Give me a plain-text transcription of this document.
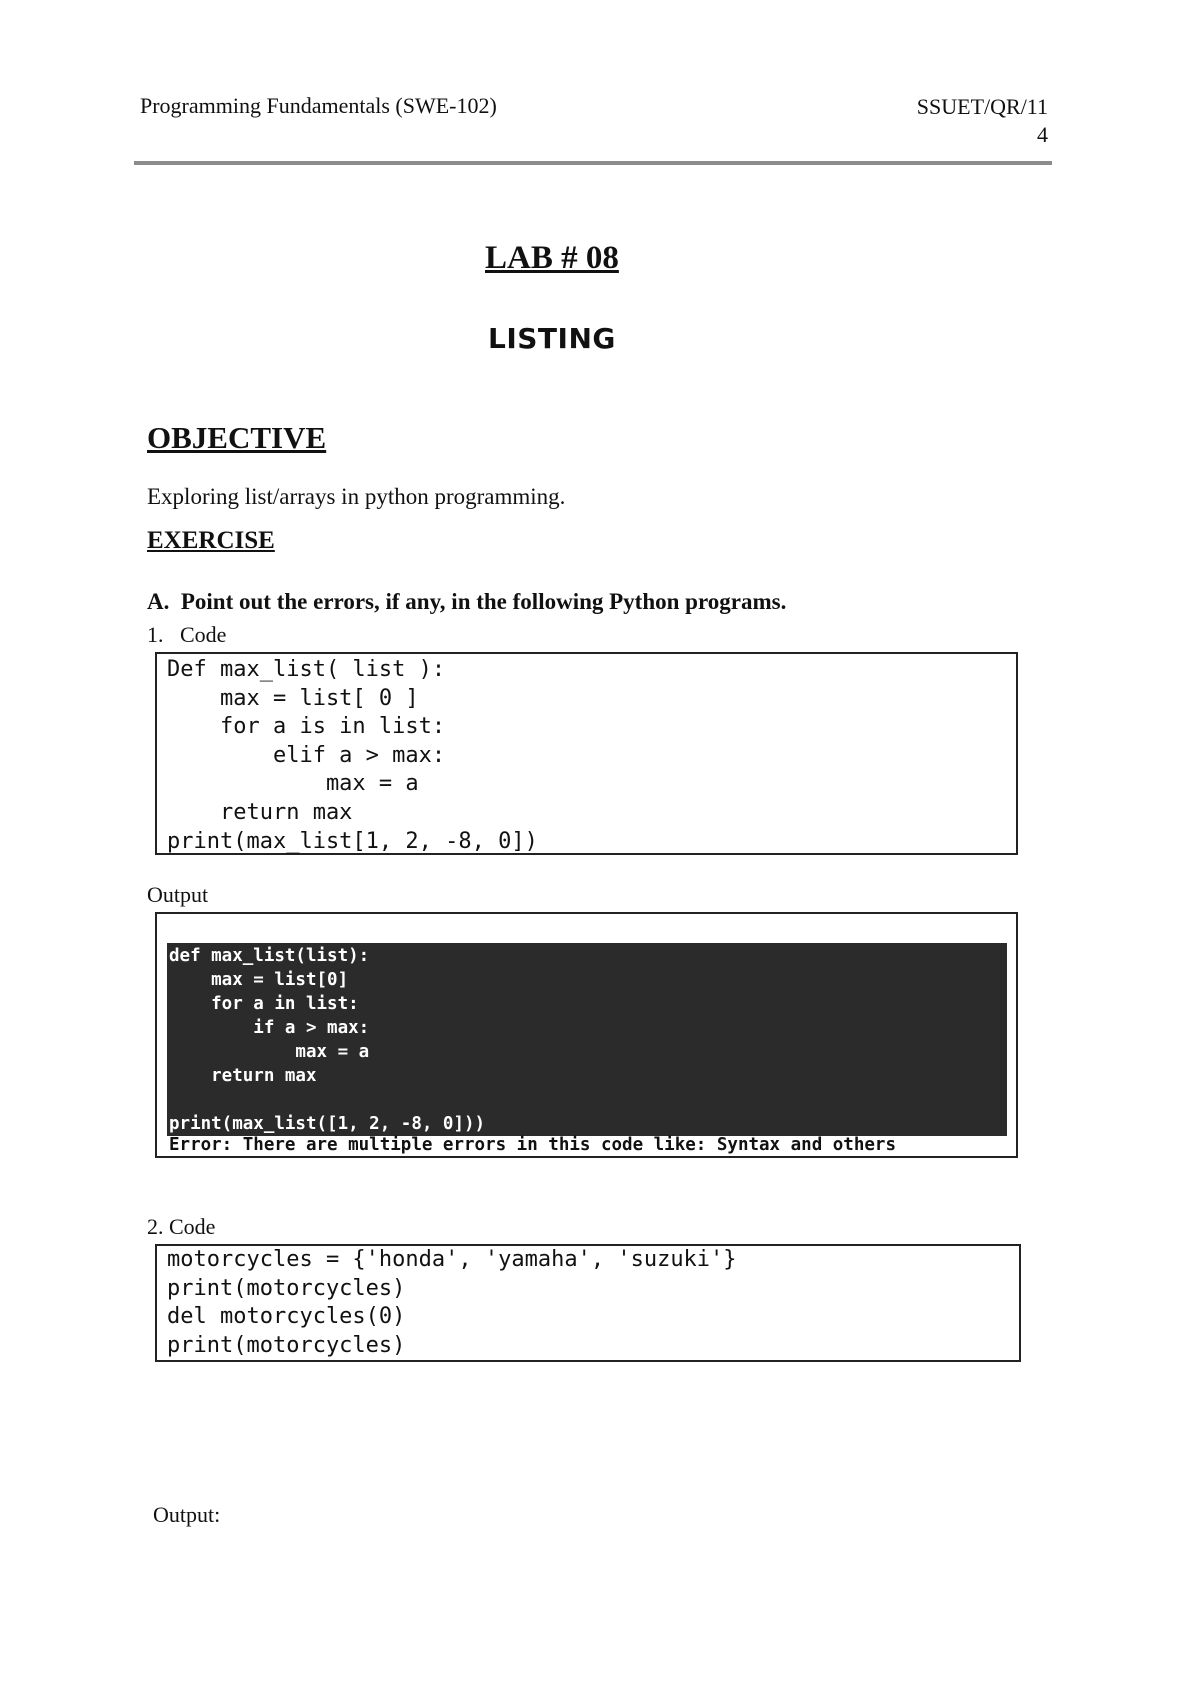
Programming Fundamentals (SWE-102)	SSUET/QR/11
4
LAB # 08
LISTING
OBJECTIVE
Exploring list/arrays in python programming.
EXERCISE
A.  Point out the errors, if any, in the following Python programs.
1.   Code
Def max_list( list ):
max = list[ 0 ]
for a is in list:
elif a > max:
max = a
return max
print(max_list[1, 2, -8, 0])
Output
def max_list(list):
max = list[0]
for a in list:
if a > max:
max = a
return max

print(max_list([1, 2, -8, 0]))
Error: There are multiple errors in this code like: Syntax and others
2. Code
motorcycles = {'honda', 'yamaha', 'suzuki'}
print(motorcycles)
del motorcycles(0)
print(motorcycles)
Output:
